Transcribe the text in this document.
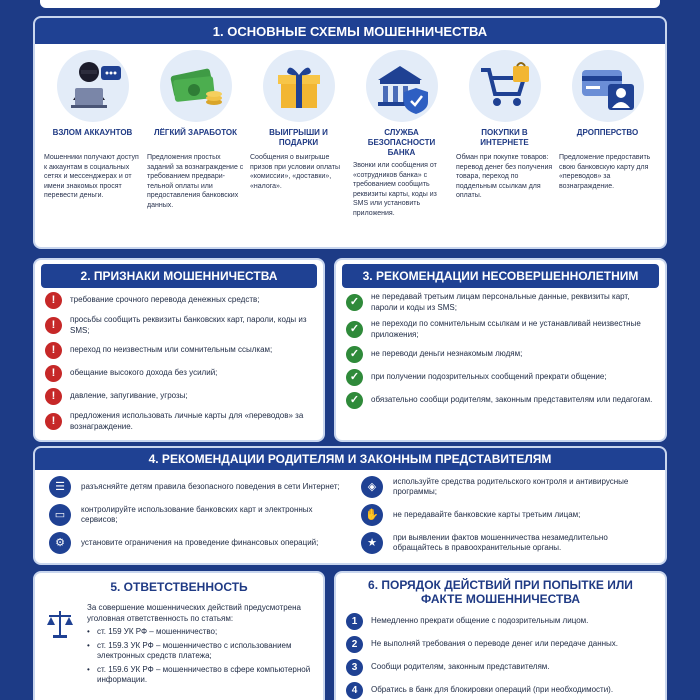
1. ОСНОВНЫЕ СХЕМЫ МОШЕННИЧЕСТВА
ВЗЛОМ АККАУНТОВ
Мошенники получают доступ к аккаунтам в социальных сетях и мессенджерах и от имени знакомых просят перевести деньги.
ЛЁГКИЙ ЗАРАБОТОК
Предложения простых заданий за вознаграждение с требованием предварительной оплаты или предоставления банковских данных.
ВЫИГРЫШИ И ПОДАРКИ
Сообщения о выигрыше призов при условии оплаты «комиссии», «доставки», «налога».
СЛУЖБА БЕЗОПАСНОСТИ БАНКА
Звонки или сообщения от «сотрудников банка» с требованием сообщить реквизиты карты, коды из SMS или установить приложения.
ПОКУПКИ В ИНТЕРНЕТЕ
Обман при покупке товаров: перевод денег без получения товара, переход по поддельным ссылкам для оплаты.
ДРОППЕРСТВО
Предложение предоставить свою банковскую карту для «переводов» за вознаграждение.
2. ПРИЗНАКИ МОШЕННИЧЕСТВА
!	требование срочного перевода денежных средств;
!	просьбы сообщить реквизиты банковских карт, пароли, коды из SMS;
!	переход по неизвестным или сомнительным ссылкам;
!	обещание высокого дохода без усилий;
!	давление, запугивание, угрозы;
!	предложения использовать личные карты для «переводов» за вознаграждение.
3. РЕКОМЕНДАЦИИ НЕСОВЕРШЕННОЛЕТНИМ
✓	не передавай третьим лицам персональные данные, реквизиты карт, пароли и коды из SMS;
✓	не переходи по сомнительным ссылкам и не устанавливай неизвестные приложения;
✓	не переводи деньги незнакомым людям;
✓	при получении подозрительных сообщений прекрати общение;
✓	обязательно сообщи родителям, законным представителям или педагогам.
4. РЕКОМЕНДАЦИИ РОДИТЕЛЯМ И ЗАКОННЫМ ПРЕДСТАВИТЕЛЯМ
☰	разъясняйте детям правила безопасного поведения в сети Интернет;
▭	контролируйте использование банковских карт и электронных сервисов;
⚙	установите ограничения на проведение финансовых операций;
◈	используйте средства родительского контроля и антивирусные программы;
✋	не передавайте банковские карты третьим лицам;
★	при выявлении фактов мошенничества незамедлительно обращайтесь в правоохранительные органы.
5. ОТВЕТСТВЕННОСТЬ
За совершение мошеннических действий предусмотрена уголовная ответственность по статьям:
• ст. 159 УК РФ – мошенничество;
• ст. 159.3 УК РФ – мошенничество с использованием электронных средств платежа;
• ст. 159.6 УК РФ – мошенничество в сфере компьютерной информации.
6. ПОРЯДОК ДЕЙСТВИЙ ПРИ ПОПЫТКЕ ИЛИ ФАКТЕ МОШЕННИЧЕСТВА
1	Немедленно прекрати общение с подозрительным лицом.
2	Не выполняй требования о переводе денег или передаче данных.
3	Сообщи родителям, законным представителям.
4	Обратись в банк для блокировки операций (при необходимости).
